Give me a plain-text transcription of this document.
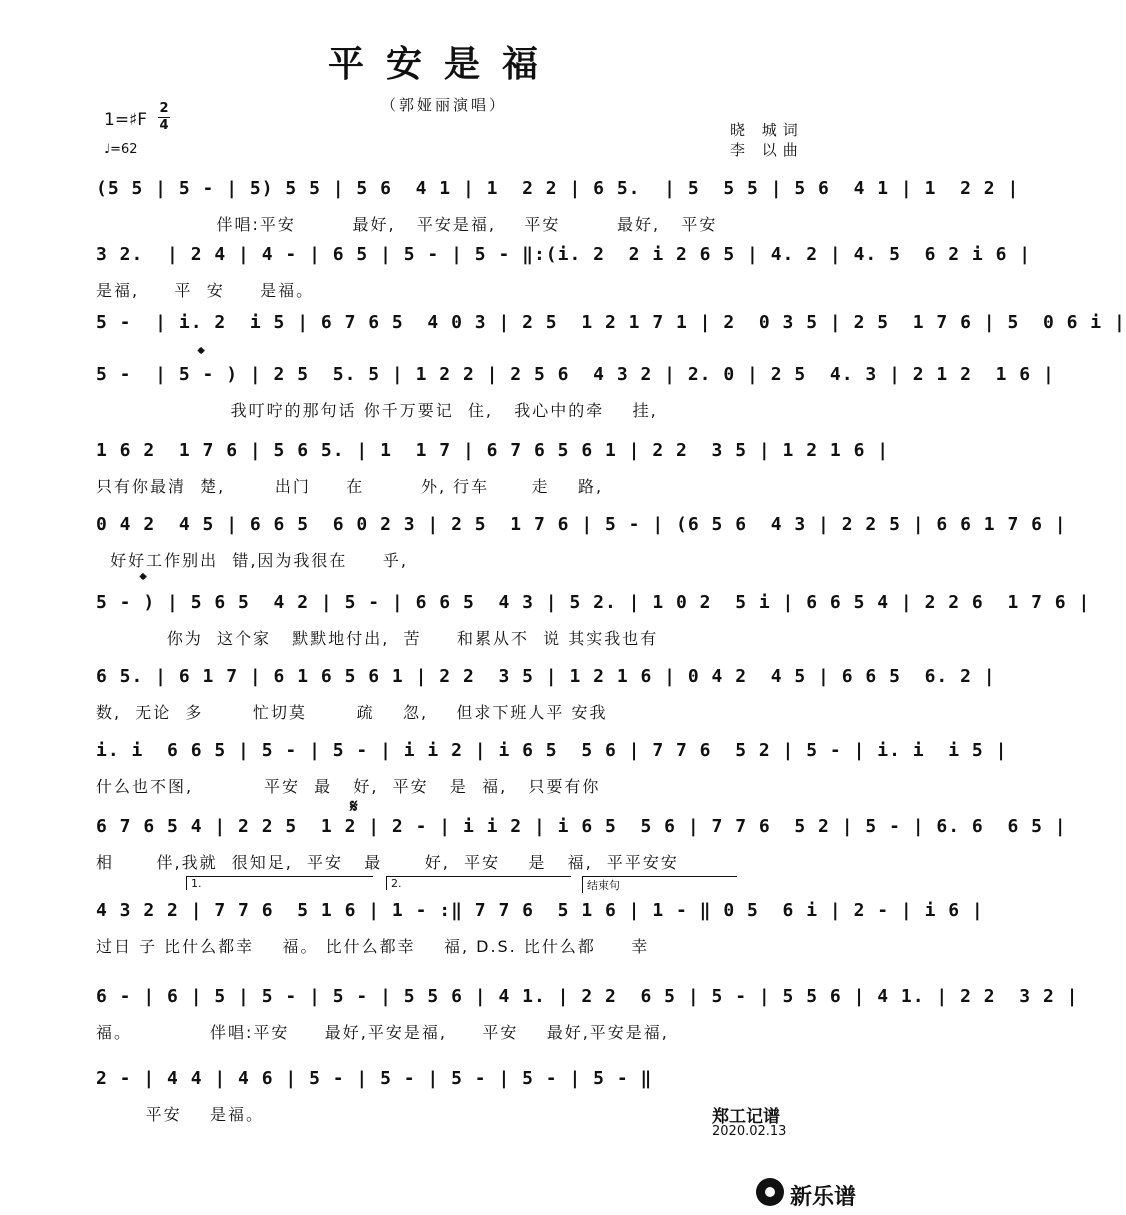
平安是福
（郭娅丽演唱）
1=♯F
2
4
♩=62
晓 城词
李 以曲
(5 5 | 5 - | 5) 5 5 | 5 6  4 1 | 1  2 2 | 6 5.  | 5  5 5 | 5 6  4 1 | 1  2 2 |
伴唱:平安        最好,   平安是福,    平安        最好,   平安
3 2.  | 2 4 | 4 - | 6 5 | 5 - | 5 - ‖:(i. 2  2 i 2 6 5 | 4. 2 | 4. 5  6 2 i 6 |
是福,     平  安     是福。
5 -  | i. 2  i 5 | 6 7 6 5  4 0 3 | 2 5  1 2 1 7 1 | 2  0 3 5 | 2 5  1 7 6 | 5  0 6 i |
5 -  | 5 - ) | 2 5  5. 5 | 1 2 2 | 2 5 6  4 3 2 | 2. 0 | 2 5  4. 3 | 2 1 2  1 6 |
我叮咛的那句话 你千万要记  住,   我心中的牵    挂,
1 6 2  1 7 6 | 5 6 5. | 1  1 7 | 6 7 6 5 6 1 | 2 2  3 5 | 1 2 1 6 |
只有你最清  楚,       出门     在        外, 行车      走    路,
0 4 2  4 5 | 6 6 5  6 0 2 3 | 2 5  1 7 6 | 5 - | (6 5 6  4 3 | 2 2 5 | 6 6 1 7 6 |
好好工作别出  错,因为我很在     乎,
5 - ) | 5 6 5  4 2 | 5 - | 6 6 5  4 3 | 5 2. | 1 0 2  5 i | 6 6 5 4 | 2 2 6  1 7 6 |
你为  这个家   默默地付出,  苦     和累从不  说 其实我也有
6 5. | 6 1 7 | 6 1 6 5 6 1 | 2 2  3 5 | 1 2 1 6 | 0 4 2  4 5 | 6 6 5  6. 2 |
数,  无论  多       忙切莫       疏    忽,    但求下班人平 安我
i. i  6 6 5 | 5 - | 5 - | i i 2 | i 6 5  5 6 | 7 7 6  5 2 | 5 - | i. i  i 5 |
什么也不图,          平安  最   好,  平安   是  福,   只要有你
6 7 6 5 4 | 2 2 5  1 2 | 2 - | i i 2 | i 6 5  5 6 | 7 7 6  5 2 | 5 - | 6. 6  6 5 |
相      伴,我就  很知足,  平安   最      好,  平安    是   福,  平平安安
4 3 2 2 | 7 7 6  5 1 6 | 1 - :‖ 7 7 6  5 1 6 | 1 - ‖ 0 5  6 i | 2 - | i 6 |
过日 子 比什么都幸    福。 比什么都幸    福, D.S. 比什么都     幸
6 - | 6 | 5 | 5 - | 5 - | 5 5 6 | 4 1. | 2 2  6 5 | 5 - | 5 5 6 | 4 1. | 2 2  3 2 |
福。           伴唱:平安     最好,平安是福,     平安    最好,平安是福,
2 - | 4 4 | 4 6 | 5 - | 5 - | 5 - | 5 - | 5 - ‖
平安    是福。
1.	2.	结束句
𝄌
𝄌
𝄋
郑工记谱
2020.02.13
新乐谱
